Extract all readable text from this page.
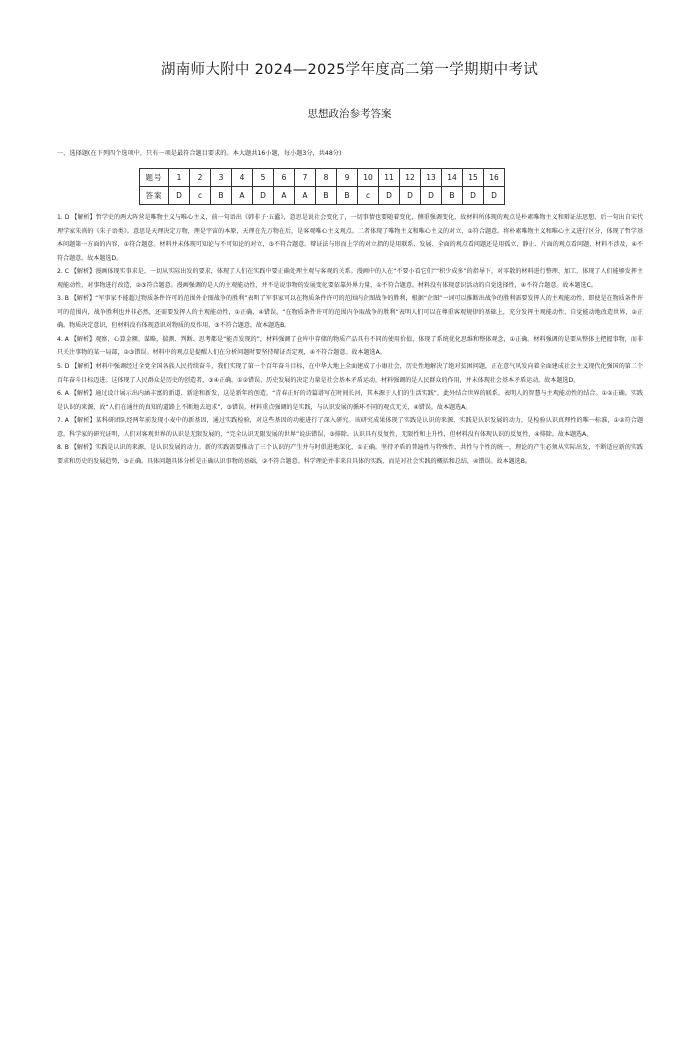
湖南师大附中 2024—2025学年度高二第一学期期中考试
思想政治参考答案
一、选择题(在下列四个选项中，只有一项是最符合题目要求的。本大题共16小题，每小题3分，共48分)
题号	1	2	3	4	5	6	7	8	9	10	11	12	13	14	15	16
答案	D	c	B	A	D	A	A	B	B	c	D	D	D	B	D	D

1. D 【解析】哲学史的两大阵营是唯物主义与唯心主义，前一句语出《韩非子·五蠹》，意思是说社会变化了，一切事情也要随着变化，侧重强调变化，故材料所体现的观点是朴素唯物主义和辩证法思想，后一句出自宋代理学家朱熹的《朱子语类》。意思是天理决定万物，理是宇宙的本原，天理在先万物在后，是客观唯心主义观点。二者体现了唯物主义和唯心主义的对立，②符合题意。将朴素唯物主义和唯心主义进行区分，体现了哲学基本问题第一方面的内容，①符合题意。材料并未体现可知论与不可知论的对立，③不符合题意。辩证法与形而上学的对立指的是用联系、发展、全面的观点看问题还是用孤立、静止、片面的观点看问题，材料不涉及，④不符合题意。故本题选D。

2. C 【解析】漫画体现实事求是、一切从实际出发的要求，体现了人们在实践中要正确处理主观与客观的关系。漫画中的人在“不要小看它们”“积少成多”的指导下，对零散的材料进行整理、加工，体现了人们能够发挥主观能动性，对事物进行改造，②③符合题意。漫画强调的是人的主观能动性，并不是说事物的发展变化要依靠外界力量，①不符合题意。材料没有体现意识活动的自觉选择性，④不符合题意。故本题选C。

3. B 【解析】“军事家不能超过物质条件许可的范围外企图战争的胜利”表明了军事家可以在物质条件许可的范围内企图战争的胜利，根据“企图”一词可以推断出战争的胜利需要发挥人的主观能动性，即使是在物质条件许可的范围内，战争胜利也并非必然，还需要发挥人的主观能动性，①正确，④错误。“在物质条件许可的范围内争取战争的胜利”表明人们可以在尊重客观规律的基础上，充分发挥主观能动性，自觉能动地改造世界，②正确。物质决定意识，但材料没有体现意识对物质的反作用，③不符合题意。故本题选B。

4. A 【解析】观察、心算金额、谋略，揣测、判断、思考都是“能否发现的”，材料强调了仓库中存储的物质产品具有不同的使用价值，体现了系统优化思维和整体观念，①正确。材料强调的是要从整体上把握事物，而非只关注事物的某一局部，②③错误。材料中的观点是提醒人们在分析问题时要坚持辩证否定观，④不符合题意。故本题选A。

5. D 【解析】材料中强调经过全党全国各族人民持续奋斗，我们实现了第一个百年奋斗目标，在中华大地上全面建成了小康社会，历史性地解决了绝对贫困问题，正在意气风发向着全面建成社会主义现代化强国的第二个百年奋斗目标迈进。这体现了人民群众是历史的创造者，③④正确。①②错误，历史发展的决定力量是社会基本矛盾运动，材料强调的是人民群众的作用，并未体现社会基本矛盾运动。故本题选D。

6. A 【解析】通过设计展示出内涵丰富的新道、新途和新发，这是新年的创造，“青春正好的诗篇谱写在时间长河，其本源于人们的生活实践”，此外结合世界的联系，表明人的智慧与主观能动性的结合。①②正确。实践是认识的来源，故“人们在通往的真知的道路上不断地去追求”，③错误。材料重点强调的是实践，与认识发展的循环不同的观点无关，④错误。故本题选A。

7. A 【解析】某科研团队经两年前发现小麦中的新基因，通过实践检验，对这些基因的功能进行了深入研究。该研究成果体现了实践是认识的来源，实践是认识发展的动力，是检验认识真理性的唯一标准，①②符合题意。科学家的研究证明，人们对客观世界的认识是无限发展的，“完全认识无限发展的世界”说法错误，③排除。认识具有反复性，无限性和上升性，但材料没有体现认识的反复性，④排除。故本题选A。

8. B 【解析】实践是认识的来源，是认识发展的动力。新的实践需要推动了三个认识的产生并与时俱进地深化，①正确。坚持矛盾的普遍性与特殊性、共性与个性的统一，理论的产生必须从实际出发，不断适应新的实践要求和历史的发展趋势，③正确。具体问题具体分析是正确认识事物的基础，②不符合题意。科学理论并非来自具体的实践，而是对社会实践的概括和总结，④错误。故本题选B。
